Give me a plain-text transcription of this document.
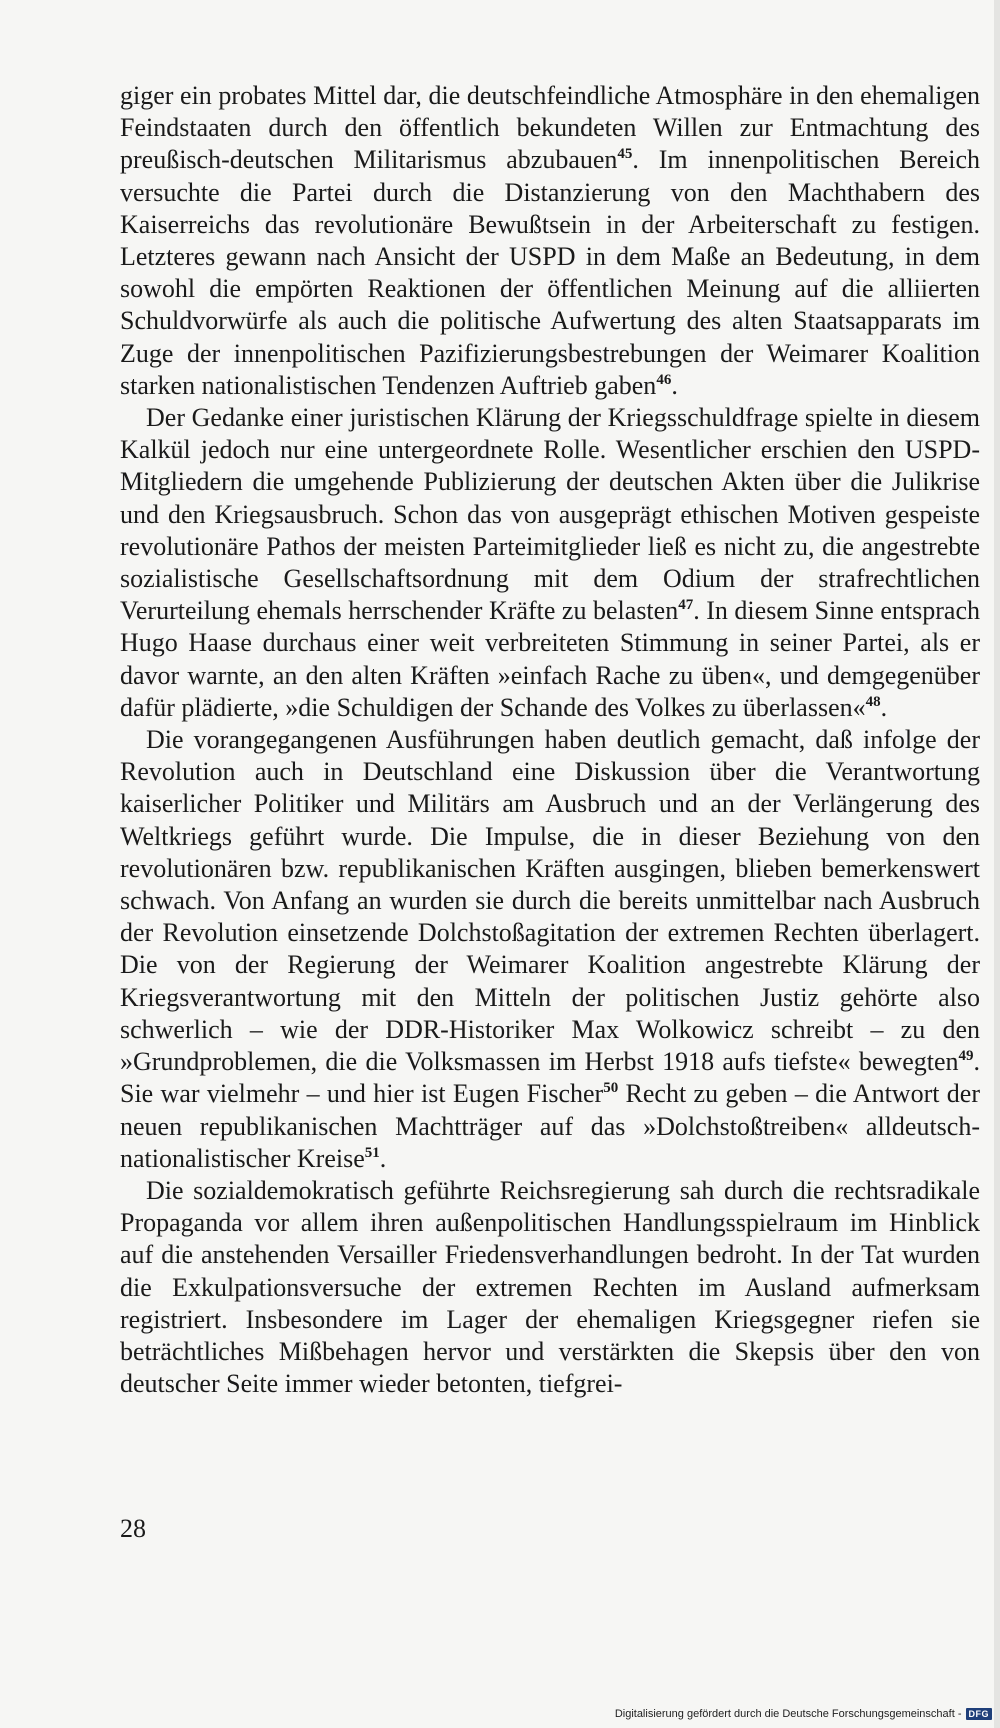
giger ein probates Mittel dar, die deutschfeindliche Atmosphäre in den ehemaligen Feindstaaten durch den öffentlich bekundeten Willen zur Entmachtung des preußisch-deutschen Militarismus abzubauen$^{45}$. Im innenpolitischen Bereich versuchte die Partei durch die Distanzierung von den Machthabern des Kaiserreichs das revolutionäre Bewußtsein in der Arbeiterschaft zu festigen. Letzteres gewann nach Ansicht der USPD in dem Maße an Bedeutung, in dem sowohl die empörten Reaktionen der öffentlichen Meinung auf die alliierten Schuldvorwürfe als auch die politische Aufwertung des alten Staatsapparats im Zuge der innenpolitischen Pazifizierungsbestrebungen der Weimarer Koalition starken nationalistischen Tendenzen Auftrieb gaben$^{46}$.

Der Gedanke einer juristischen Klärung der Kriegsschuldfrage spielte in diesem Kalkül jedoch nur eine untergeordnete Rolle. Wesentlicher erschien den USPD-Mitgliedern die umgehende Publizierung der deutschen Akten über die Julikrise und den Kriegsausbruch. Schon das von ausgeprägt ethischen Motiven gespeiste revolutionäre Pathos der meisten Parteimitglieder ließ es nicht zu, die angestrebte sozialistische Gesellschaftsordnung mit dem Odium der strafrechtlichen Verurteilung ehemals herrschender Kräfte zu belasten$^{47}$. In diesem Sinne entsprach Hugo Haase durchaus einer weit verbreiteten Stimmung in seiner Partei, als er davor warnte, an den alten Kräften »einfach Rache zu üben«, und demgegenüber dafür plädierte, »die Schuldigen der Schande des Volkes zu überlassen«$^{48}$.

Die vorangegangenen Ausführungen haben deutlich gemacht, daß infolge der Revolution auch in Deutschland eine Diskussion über die Verantwortung kaiserlicher Politiker und Militärs am Ausbruch und an der Verlängerung des Weltkriegs geführt wurde. Die Impulse, die in dieser Beziehung von den revolutionären bzw. republikanischen Kräften ausgingen, blieben bemerkenswert schwach. Von Anfang an wurden sie durch die bereits unmittelbar nach Ausbruch der Revolution einsetzende Dolchstoßagitation der extremen Rechten überlagert. Die von der Regierung der Weimarer Koalition angestrebte Klärung der Kriegsverantwortung mit den Mitteln der politischen Justiz gehörte also schwerlich – wie der DDR-Historiker Max Wolkowicz schreibt – zu den »Grundproblemen, die die Volksmassen im Herbst 1918 aufs tiefste« bewegten$^{49}$. Sie war vielmehr – und hier ist Eugen Fischer$^{50}$ Recht zu geben – die Antwort der neuen republikanischen Machtträger auf das »Dolchstoßtreiben« alldeutsch-nationalistischer Kreise$^{51}$.

Die sozialdemokratisch geführte Reichsregierung sah durch die rechtsradikale Propaganda vor allem ihren außenpolitischen Handlungsspielraum im Hinblick auf die anstehenden Versailler Friedensverhandlungen bedroht. In der Tat wurden die Exkulpationsversuche der extremen Rechten im Ausland aufmerksam registriert. Insbesondere im Lager der ehemaligen Kriegsgegner riefen sie beträchtliches Mißbehagen hervor und verstärkten die Skepsis über den von deutscher Seite immer wieder betonten, tiefgrei-

28
Digitalisierung gefördert durch die Deutsche Forschungsgemeinschaft - DFG
